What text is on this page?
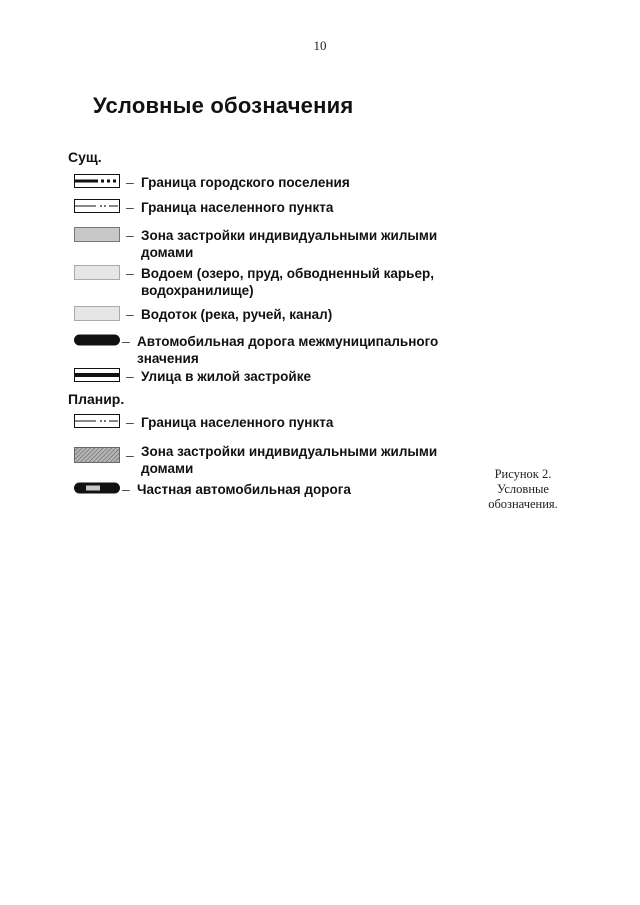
10
Условные обозначения
Сущ.
– Граница городского поселения
– Граница населенного пункта
– Зона застройки индивидуальными жилыми домами
– Водоем (озеро, пруд, обводненный карьер, водохранилище)
– Водоток (река, ручей, канал)
– Автомобильная дорога межмуниципального значения
– Улица в жилой застройке
Планир.
– Граница населенного пункта
– Зона застройки индивидуальными жилыми домами
– Частная автомобильная дорога
Рисунок 2.
Условные
обозначения.
